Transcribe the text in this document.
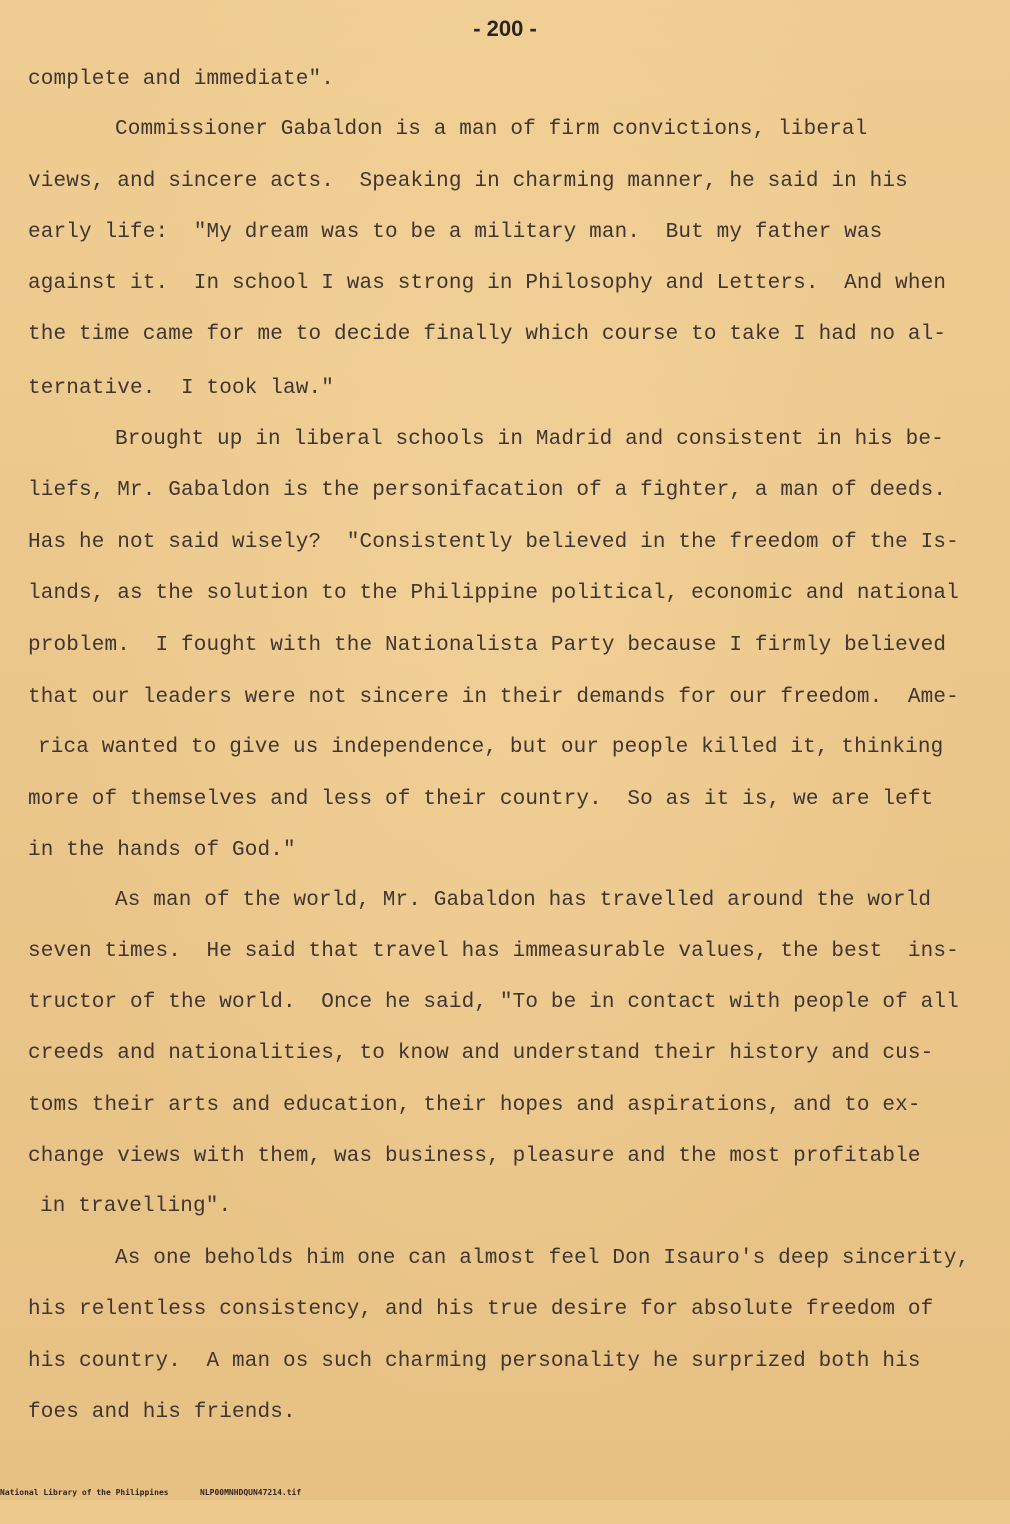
- 200 -
complete and immediate".
Commissioner Gabaldon is a man of firm convictions, liberal
views, and sincere acts.  Speaking in charming manner, he said in his
early life:  "My dream was to be a military man.  But my father was
against it.  In school I was strong in Philosophy and Letters.  And when
the time came for me to decide finally which course to take I had no al-
ternative.  I took law."
Brought up in liberal schools in Madrid and consistent in his be-
liefs, Mr. Gabaldon is the personifacation of a fighter, a man of deeds.
Has he not said wisely?  "Consistently believed in the freedom of the Is-
lands, as the solution to the Philippine political, economic and national
problem.  I fought with the Nationalista Party because I firmly believed
that our leaders were not sincere in their demands for our freedom.  Ame-
rica wanted to give us independence, but our people killed it, thinking
more of themselves and less of their country.  So as it is, we are left
in the hands of God."
As man of the world, Mr. Gabaldon has travelled around the world
seven times.  He said that travel has immeasurable values, the best  ins-
tructor of the world.  Once he said, "To be in contact with people of all
creeds and nationalities, to know and understand their history and cus-
toms their arts and education, their hopes and aspirations, and to ex-
change views with them, was business, pleasure and the most profitable
in travelling".
As one beholds him one can almost feel Don Isauro's deep sincerity,
his relentless consistency, and his true desire for absolute freedom of
his country.  A man os such charming personality he surprized both his
foes and his friends.

National Library of the Philippines

	NLP00MNHDQUN47214.tif
